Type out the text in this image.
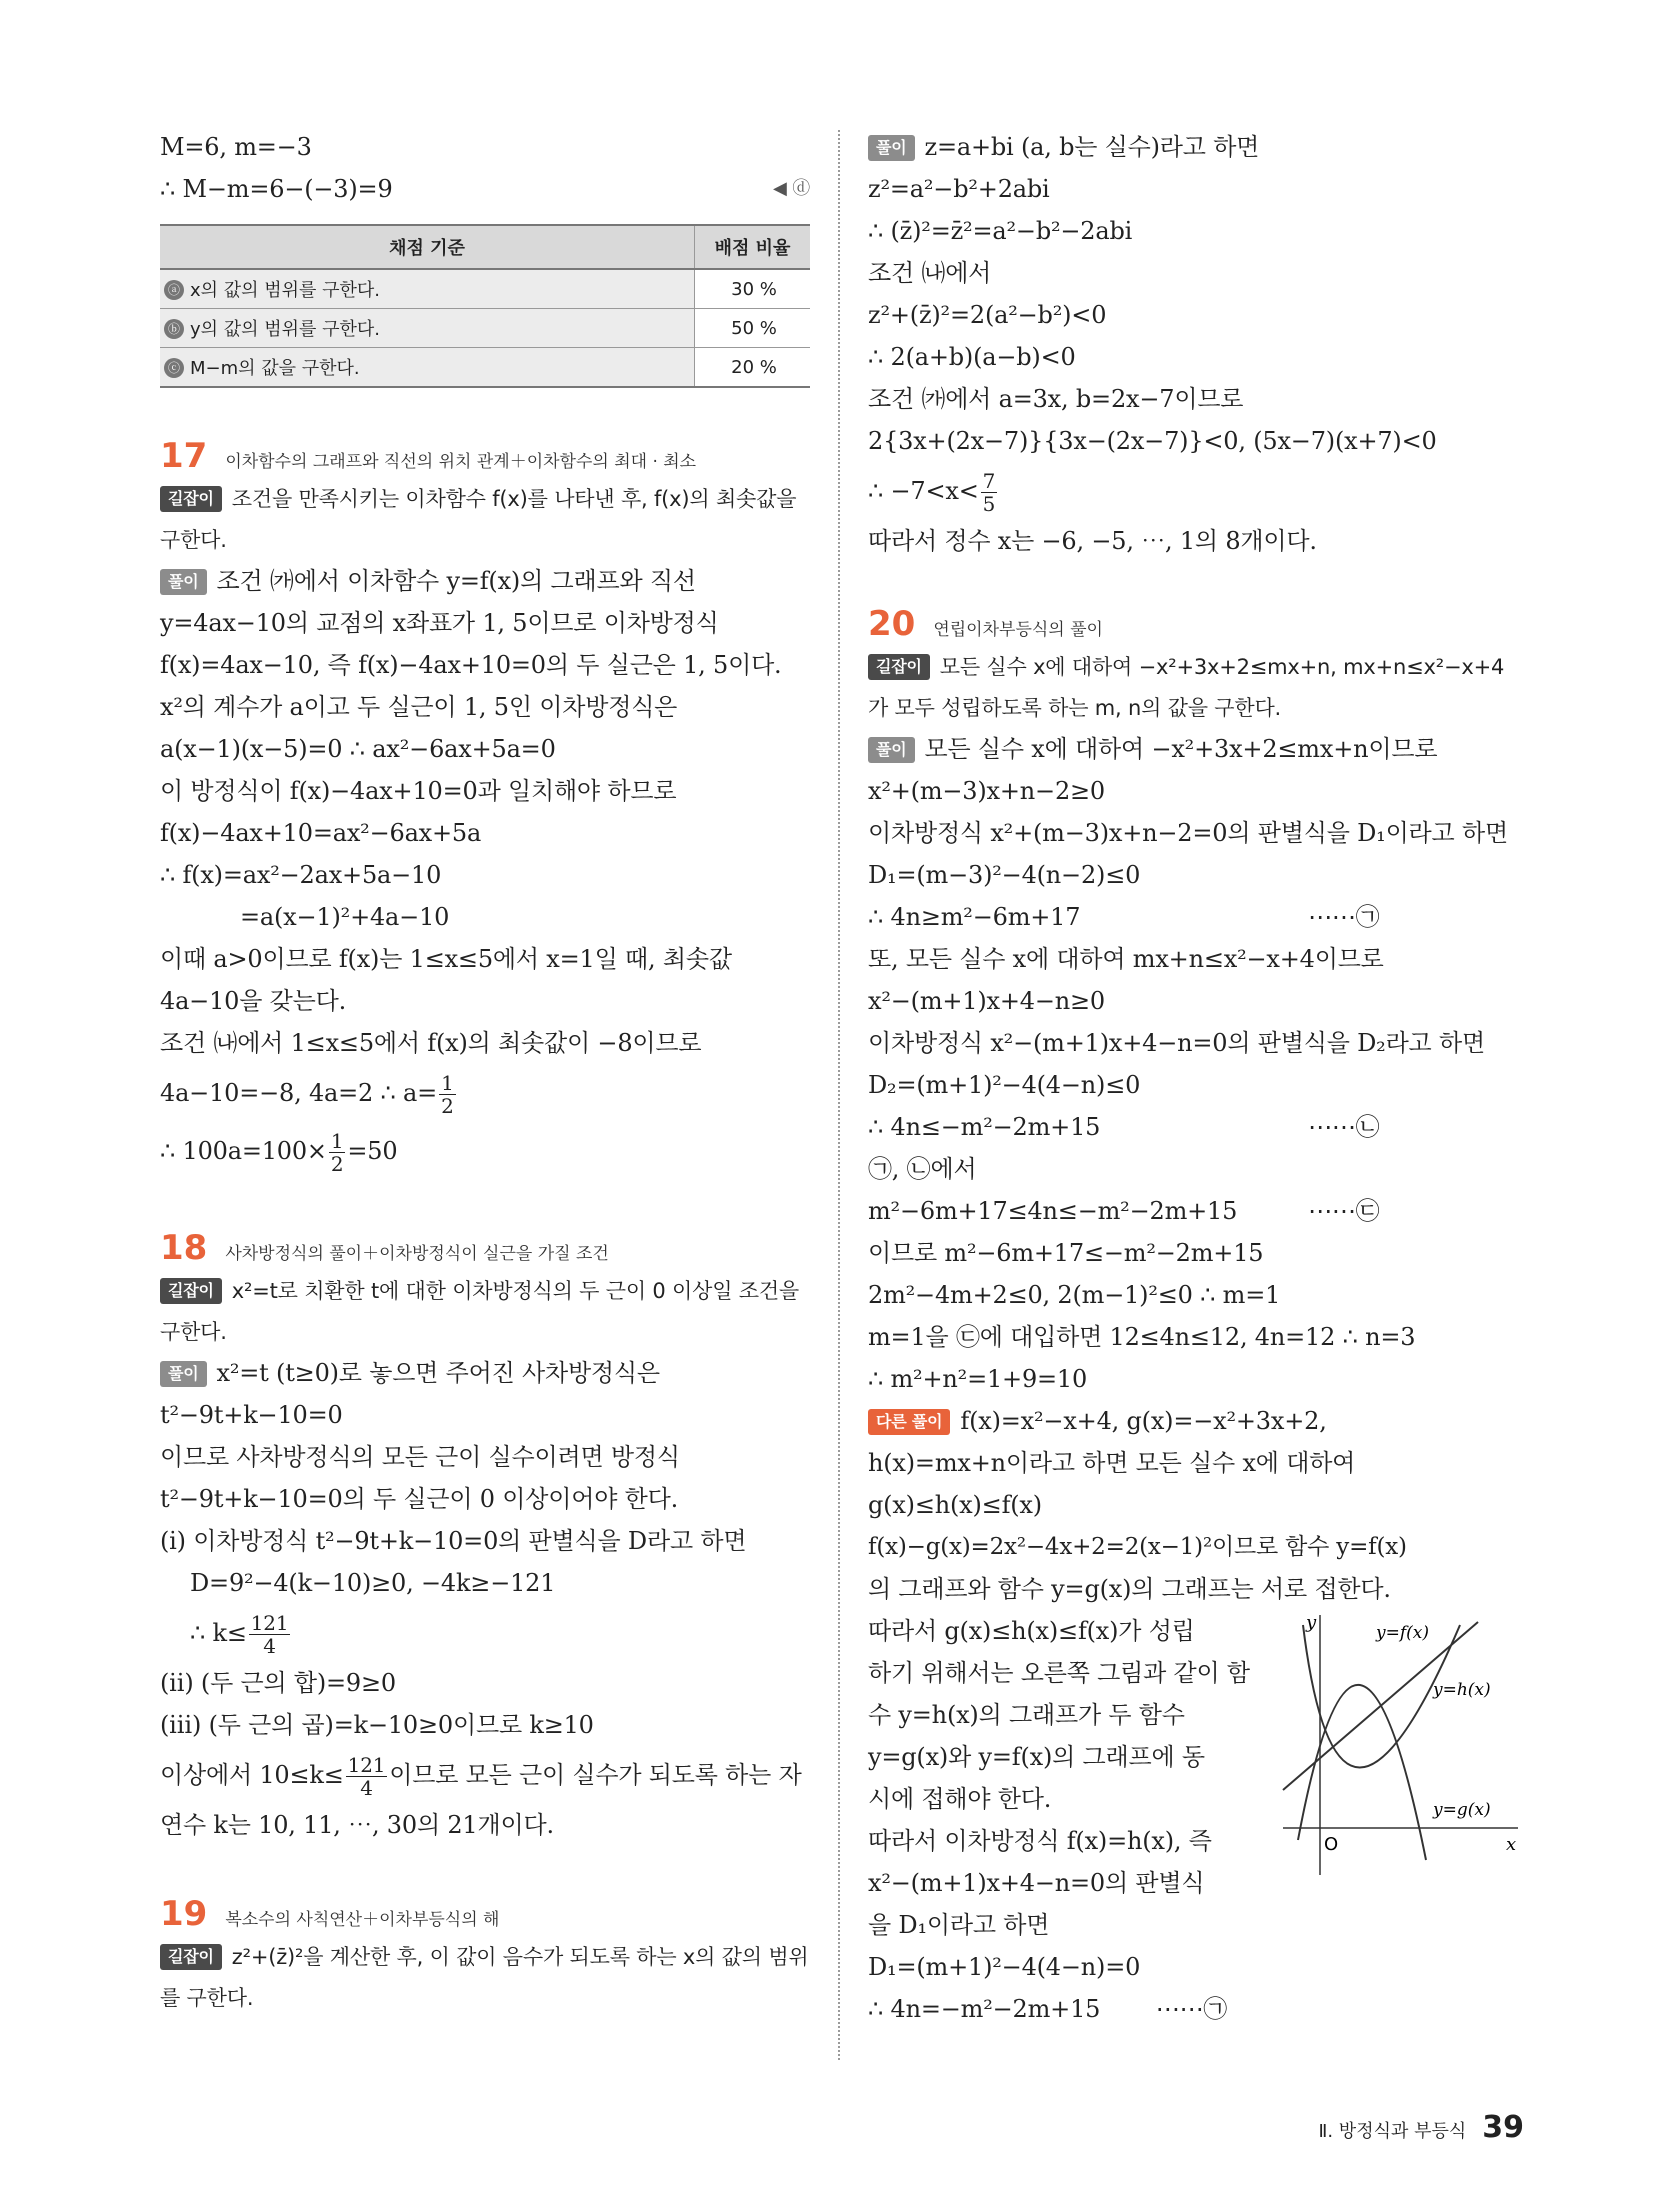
M=6, m=−3
∴ M−m=6−(−3)=9	◀ ⓓ
채점 기준	배점 비율
ⓐ x의 값의 범위를 구한다.	30 %
ⓑ y의 값의 범위를 구한다.	50 %
ⓒ M−m의 값을 구한다.	20 %
17 이차함수의 그래프와 직선의 위치 관계＋이차함수의 최대 · 최소
길잡이 조건을 만족시키는 이차함수 f(x)를 나타낸 후, f(x)의 최솟값을 구한다.
풀이 조건 ㈎에서 이차함수 y=f(x)의 그래프와 직선
y=4ax−10의 교점의 x좌표가 1, 5이므로 이차방정식
f(x)=4ax−10, 즉 f(x)−4ax+10=0의 두 실근은 1, 5이다.
x²의 계수가 a이고 두 실근이 1, 5인 이차방정식은
a(x−1)(x−5)=0 ∴ ax²−6ax+5a=0
이 방정식이 f(x)−4ax+10=0과 일치해야 하므로
f(x)−4ax+10=ax²−6ax+5a
∴ f(x)=ax²−2ax+5a−10
=a(x−1)²+4a−10
이때 a>0이므로 f(x)는 1≤x≤5에서 x=1일 때, 최솟값
4a−10을 갖는다.
조건 ㈏에서 1≤x≤5에서 f(x)의 최솟값이 −8이므로
4a−10=−8, 4a=2 ∴ $a= \frac{1}{2}$
∴ $100a=100\times \frac{1}{2} =50$
18 사차방정식의 풀이＋이차방정식이 실근을 가질 조건
길잡이 x²=t로 치환한 t에 대한 이차방정식의 두 근이 0 이상일 조건을 구한다.
풀이 x²=t (t≥0)로 놓으면 주어진 사차방정식은
t²−9t+k−10=0
이므로 사차방정식의 모든 근이 실수이려면 방정식
t²−9t+k−10=0의 두 실근이 0 이상이어야 한다.
(ⅰ) 이차방정식 t²−9t+k−10=0의 판별식을 D라고 하면
D=9²−4(k−10)≥0, −4k≥−121
∴ $k\le \frac{121}{4}$
(ⅱ) (두 근의 합)=9≥0
(ⅲ) (두 근의 곱)=k−10≥0이므로 k≥10
이상에서 $10\le k\le \frac{121}{4}$ 이므로 모든 근이 실수가 되도록 하는 자
연수 k는 10, 11, ⋯, 30의 21개이다.
19 복소수의 사칙연산＋이차부등식의 해
길잡이 z²+(z̄)²을 계산한 후, 이 값이 음수가 되도록 하는 x의 값의 범위를 구한다.
풀이 z=a+bi (a, b는 실수)라고 하면
z²=a²−b²+2abi
∴ (z̄)²=z̄²=a²−b²−2abi
조건 ㈏에서
z²+(z̄)²=2(a²−b²)<0
∴ 2(a+b)(a−b)<0
조건 ㈎에서 a=3x, b=2x−7이므로
2{3x+(2x−7)}{3x−(2x−7)}<0, (5x−7)(x+7)<0
∴ $-7<x< \frac{7}{5}$
따라서 정수 x는 −6, −5, ⋯, 1의 8개이다.
20 연립이차부등식의 풀이
길잡이 모든 실수 x에 대하여 −x²+3x+2≤mx+n, mx+n≤x²−x+4가 모두 성립하도록 하는 m, n의 값을 구한다.
풀이 모든 실수 x에 대하여 −x²+3x+2≤mx+n이므로
x²+(m−3)x+n−2≥0
이차방정식 x²+(m−3)x+n−2=0의 판별식을 D₁이라고 하면
D₁=(m−3)²−4(n−2)≤0
∴ 4n≥m²−6m+17	⋯⋯㉠
또, 모든 실수 x에 대하여 mx+n≤x²−x+4이므로
x²−(m+1)x+4−n≥0
이차방정식 x²−(m+1)x+4−n=0의 판별식을 D₂라고 하면
D₂=(m+1)²−4(4−n)≤0
∴ 4n≤−m²−2m+15	⋯⋯㉡
㉠, ㉡에서
m²−6m+17≤4n≤−m²−2m+15	⋯⋯㉢
이므로 m²−6m+17≤−m²−2m+15
2m²−4m+2≤0, 2(m−1)²≤0 ∴ m=1
m=1을 ㉢에 대입하면 12≤4n≤12, 4n=12 ∴ n=3
∴ m²+n²=1+9=10
다른 풀이 f(x)=x²−x+4, g(x)=−x²+3x+2,
h(x)=mx+n이라고 하면 모든 실수 x에 대하여
g(x)≤h(x)≤f(x)
f(x)−g(x)=2x²−4x+2=2(x−1)²이므로 함수 y=f(x)
의 그래프와 함수 y=g(x)의 그래프는 서로 접한다.
따라서 g(x)≤h(x)≤f(x)가 성립
하기 위해서는 오른쪽 그림과 같이 함
수 y=h(x)의 그래프가 두 함수
y=g(x)와 y=f(x)의 그래프에 동
시에 접해야 한다.
따라서 이차방정식 f(x)=h(x), 즉
x²−(m+1)x+4−n=0의 판별식
을 D₁이라고 하면
D₁=(m+1)²−4(4−n)=0
∴ 4n=−m²−2m+15 ⋯⋯㉠
y
x
O
y=f(x)
y=h(x)
y=g(x)
Ⅱ. 방정식과 부등식 39
